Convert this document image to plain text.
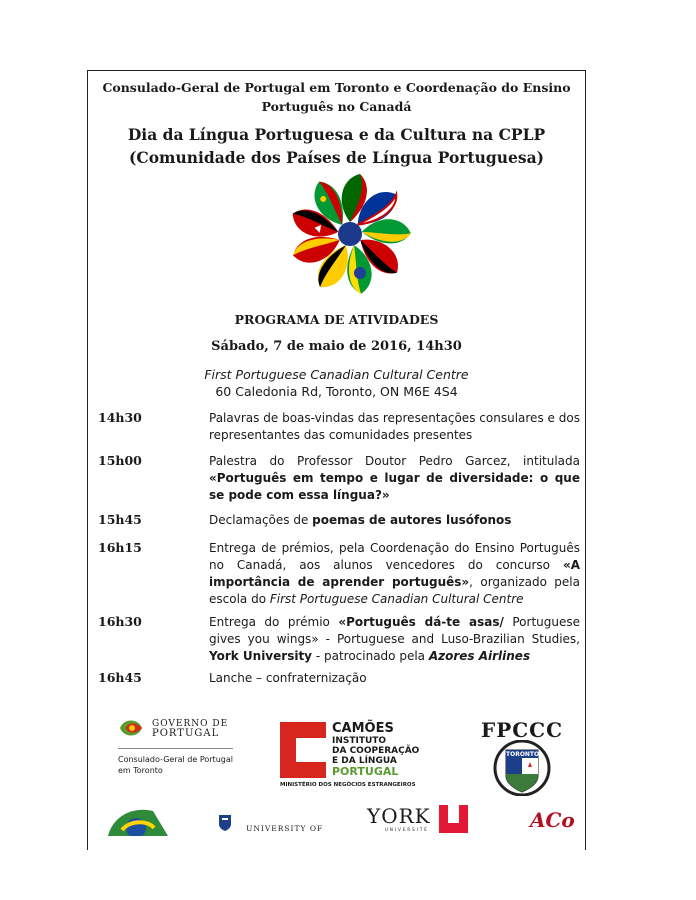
Consulado-Geral de Portugal em Toronto e Coordenação do Ensino Português no Canadá
Dia da Língua Portuguesa e da Cultura na CPLP
(Comunidade dos Países de Língua Portuguesa)
PROGRAMA DE ATIVIDADES
Sábado, 7 de maio de 2016, 14h30
First Portuguese Canadian Cultural Centre
60 Caledonia Rd, Toronto, ON M6E 4S4
14h30	Palavras de boas-vindas das representações consulares e dos representantes das comunidades presentes
15h00	Palestra do Professor Doutor Pedro Garcez, intitulada «Português em tempo e lugar de diversidade: o que se pode com essa língua?»
15h45	Declamações de poemas de autores lusófonos
16h15	Entrega de prémios, pela Coordenação do Ensino Português no Canadá, aos alunos vencedores do concurso «A importância de aprender português», organizado pela escola do First Portuguese Canadian Cultural Centre
16h30	Entrega do prémio «Português dá-te asas/ Portuguese gives you wings» - Portuguese and Luso-Brazilian Studies, York University - patrocinado pela Azores Airlines
16h45	Lanche – confraternização
GOVERNO DE
PORTUGAL
Consulado-Geral de Portugal
em Toronto
CAMÕES
INSTITUTO
DA COOPERAÇÃO
E DA LÍNGUA
PORTUGAL
MINISTÉRIO DOS NEGÓCIOS ESTRANGEIROS
FPCCC
TORONTO
UNIVERSITY OF
YORK
UNIVERSITÉ	ACo
